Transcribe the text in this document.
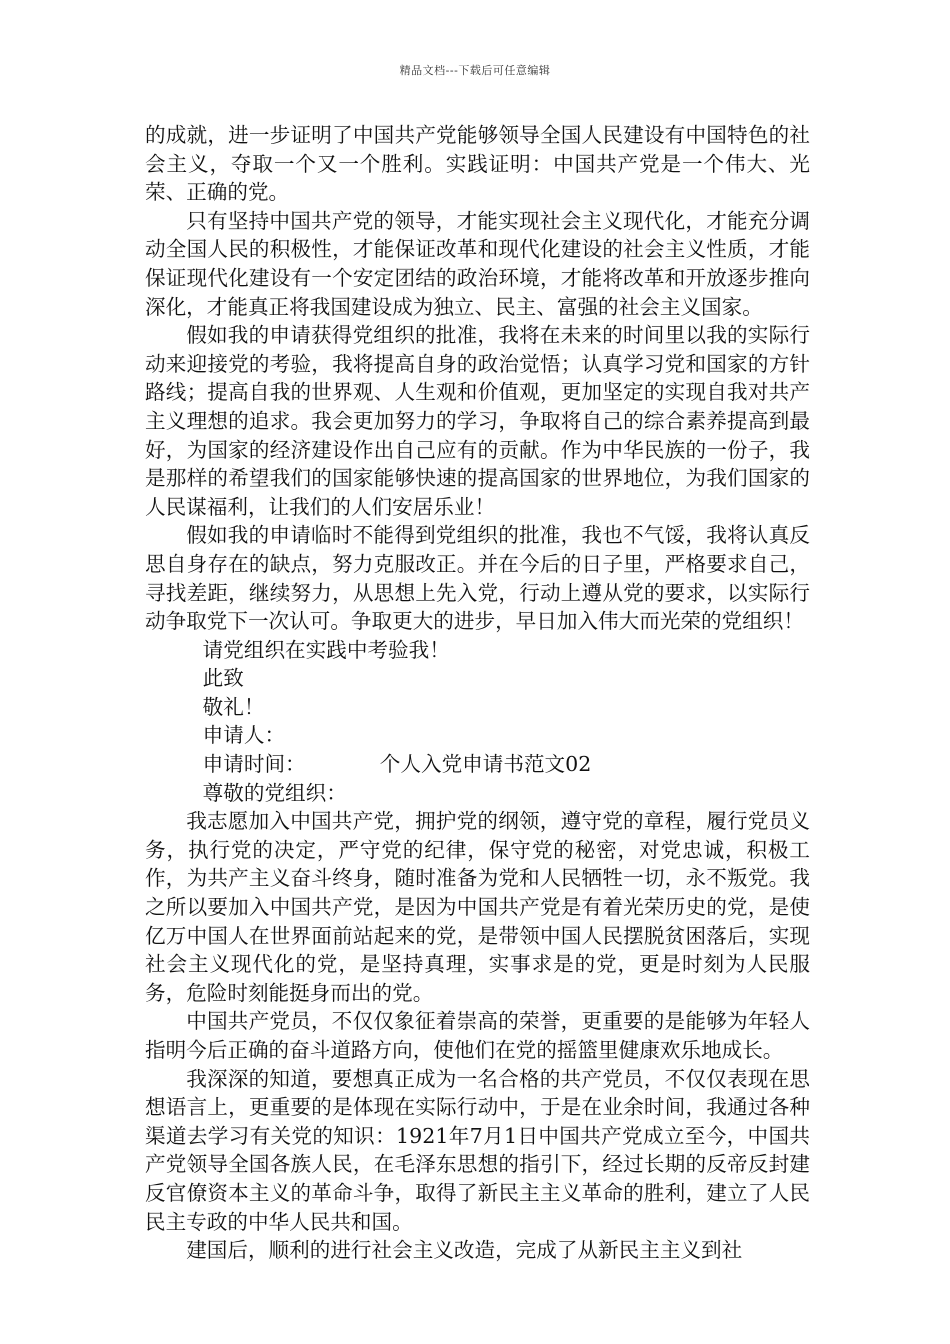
精品文档---下载后可任意编辑

的成就，进一步证明了中国共产党能够领导全国人民建设有中国特色的社会主义，夺取一个又一个胜利。实践证明：中国共产党是一个伟大、光荣、正确的党。

只有坚持中国共产党的领导，才能实现社会主义现代化，才能充分调动全国人民的积极性，才能保证改革和现代化建设的社会主义性质，才能保证现代化建设有一个安定团结的政治环境，才能将改革和开放逐步推向深化，才能真正将我国建设成为独立、民主、富强的社会主义国家。

假如我的申请获得党组织的批准，我将在未来的时间里以我的实际行动来迎接党的考验，我将提高自身的政治觉悟；认真学习党和国家的方针路线；提高自我的世界观、人生观和价值观，更加坚定的实现自我对共产主义理想的追求。我会更加努力的学习，争取将自己的综合素养提高到最好，为国家的经济建设作出自己应有的贡献。作为中华民族的一份子，我是那样的希望我们的国家能够快速的提高国家的世界地位，为我们国家的人民谋福利，让我们的人们安居乐业！

假如我的申请临时不能得到党组织的批准，我也不气馁，我将认真反思自身存在的缺点，努力克服改正。并在今后的日子里，严格要求自己，寻找差距，继续努力，从思想上先入党，行动上遵从党的要求，以实际行动争取党下一次认可。争取更大的进步，早日加入伟大而光荣的党组织！

请党组织在实践中考验我！

此致

敬礼！

申请人：

申请时间：	个人入党申请书范文02

尊敬的党组织：

我志愿加入中国共产党，拥护党的纲领，遵守党的章程，履行党员义务，执行党的决定，严守党的纪律，保守党的秘密，对党忠诚，积极工作，为共产主义奋斗终身，随时准备为党和人民牺牲一切，永不叛党。我之所以要加入中国共产党，是因为中国共产党是有着光荣历史的党，是使亿万中国人在世界面前站起来的党，是带领中国人民摆脱贫困落后，实现社会主义现代化的党，是坚持真理，实事求是的党，更是时刻为人民服务，危险时刻能挺身而出的党。

中国共产党员，不仅仅象征着崇高的荣誉，更重要的是能够为年轻人指明今后正确的奋斗道路方向，使他们在党的摇篮里健康欢乐地成长。

我深深的知道，要想真正成为一名合格的共产党员，不仅仅表现在思想语言上，更重要的是体现在实际行动中，于是在业余时间，我通过各种渠道去学习有关党的知识：1921年7月1日中国共产党成立至今，中国共产党领导全国各族人民，在毛泽东思想的指引下，经过长期的反帝反封建反官僚资本主义的革命斗争，取得了新民主主义革命的胜利，建立了人民民主专政的中华人民共和国。

建国后，顺利的进行社会主义改造，完成了从新民主主义到社
